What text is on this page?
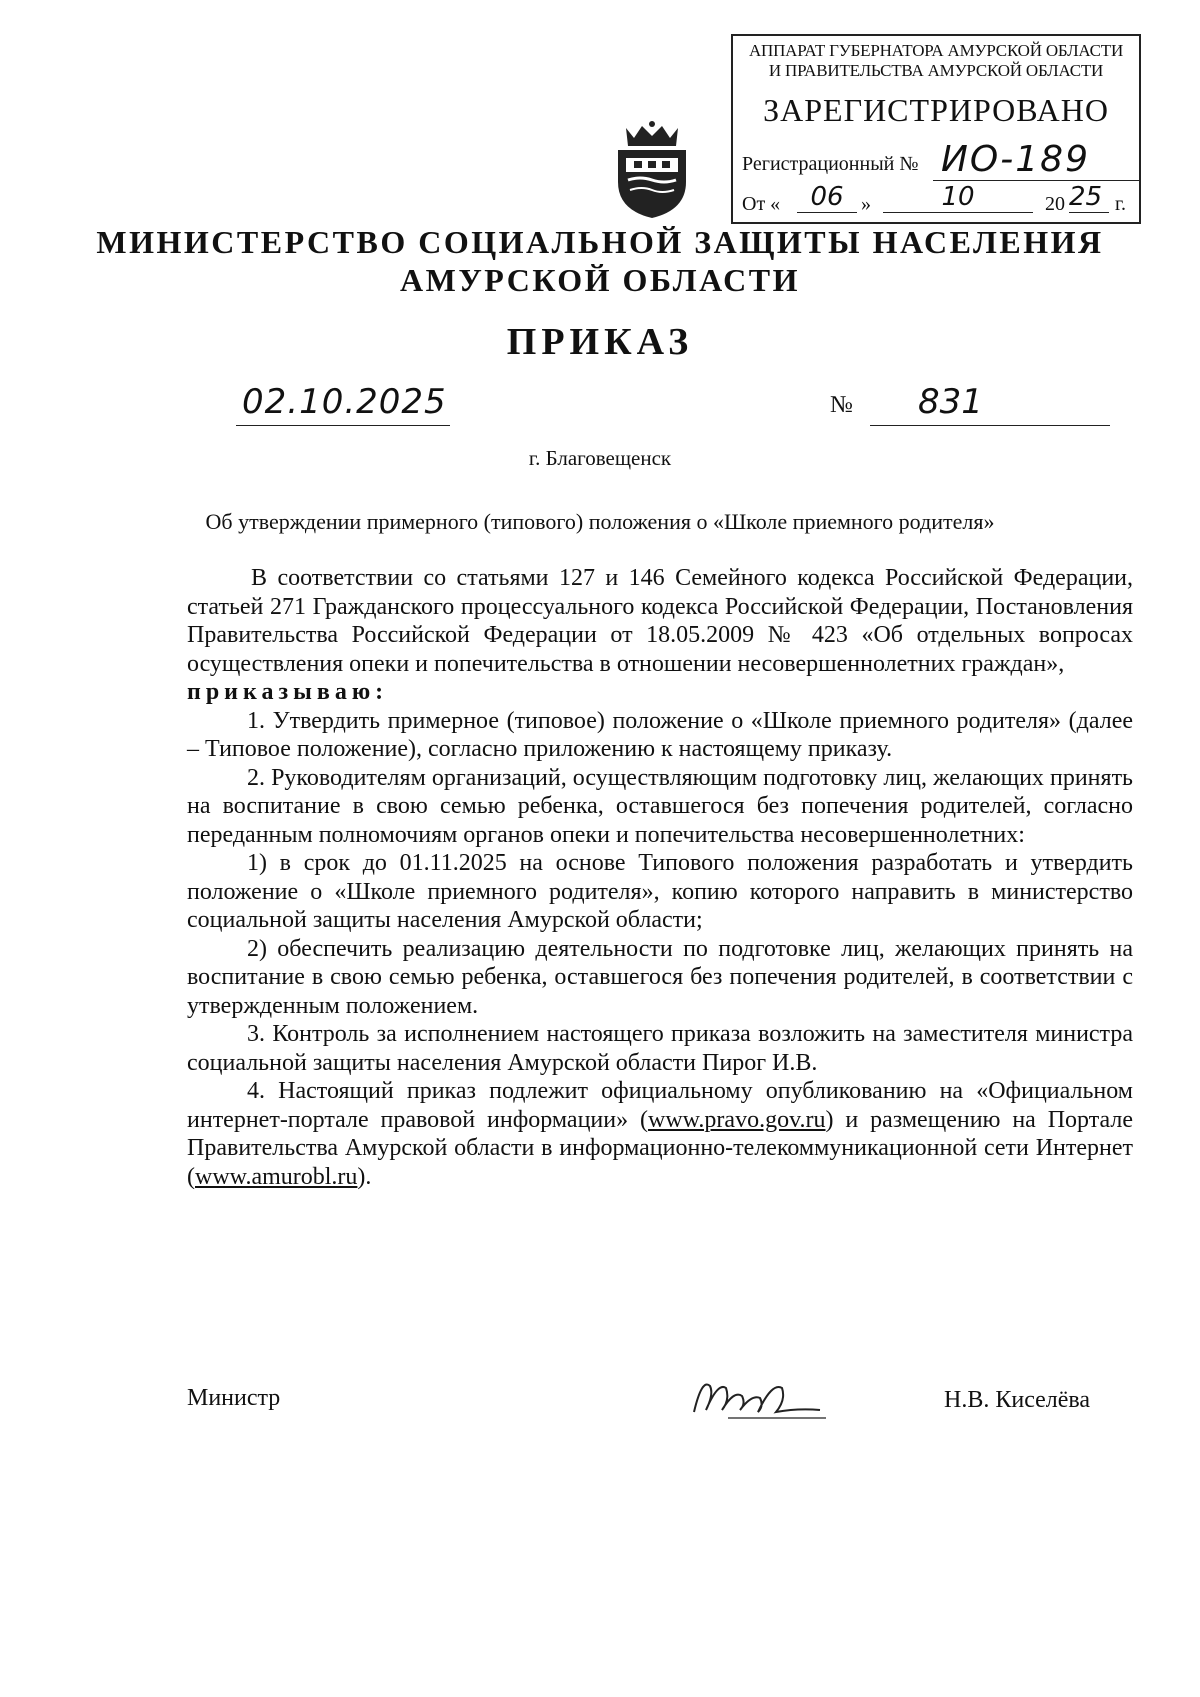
АППАРАТ ГУБЕРНАТОРА АМУРСКОЙ ОБЛАСТИ
И ПРАВИТЕЛЬСТВА АМУРСКОЙ ОБЛАСТИ
ЗАРЕГИСТРИРОВАНО
Регистрационный № ИО-189
От «	06 »	10	20 25 г.
МИНИСТЕРСТВО СОЦИАЛЬНОЙ ЗАЩИТЫ НАСЕЛЕНИЯ
АМУРСКОЙ ОБЛАСТИ
ПРИКАЗ
02.10.2025	№	831
г. Благовещенск
Об утверждении примерного (типового) положения о «Школе приемного родителя»

В соответствии со статьями 127 и 146 Семейного кодекса Российской Федерации, статьей 271 Гражданского процессуального кодекса Российской Федерации, Постановления Правительства Российской Федерации от 18.05.2009 № 423 «Об отдельных вопросах осуществления опеки и попечительства в отношении несовершеннолетних граждан»,

приказываю:

1. Утвердить примерное (типовое) положение о «Школе приемного родителя» (далее – Типовое положение), согласно приложению к настоящему приказу.

2. Руководителям организаций, осуществляющим подготовку лиц, желающих принять на воспитание в свою семью ребенка, оставшегося без попечения родителей, согласно переданным полномочиям органов опеки и попечительства несовершеннолетних:

1) в срок до 01.11.2025 на основе Типового положения разработать и утвердить положение о «Школе приемного родителя», копию которого направить в министерство социальной защиты населения Амурской области;

2) обеспечить реализацию деятельности по подготовке лиц, желающих принять на воспитание в свою семью ребенка, оставшегося без попечения родителей, в соответствии с утвержденным положением.

3. Контроль за исполнением настоящего приказа возложить на заместителя министра социальной защиты населения Амурской области Пирог И.В.

4. Настоящий приказ подлежит официальному опубликованию на «Официальном интернет-портале правовой информации» (www.pravo.gov.ru) и размещению на Портале Правительства Амурской области в информационно-телекоммуникационной сети Интернет (www.amurobl.ru).

Министр	Н.В. Киселёва
